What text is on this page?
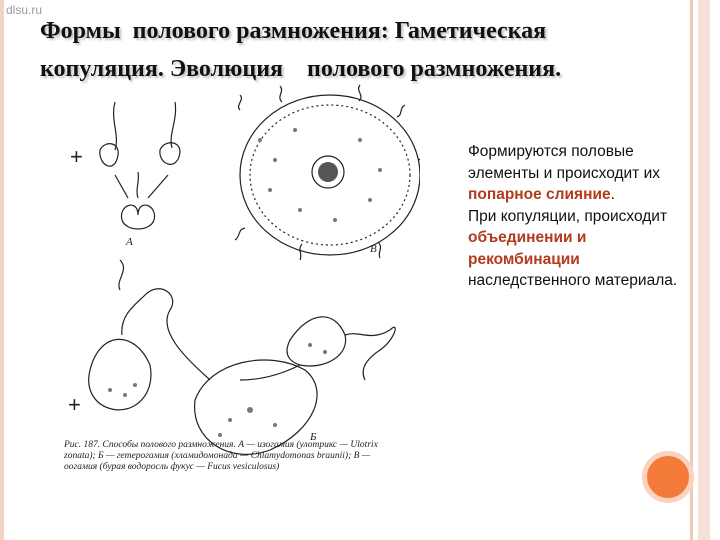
dlsu.ru
Формы  полового размножения: Гаметическая
копуляция. Эволюция    полового размножения.
+
+
А
В
Б
Рис. 187. Способы полового размножения. А — изогамия (улотрикс — Ulotrix zonata); Б — гетерогамия (хламидомонада — Chlamydomonas braunii); В — оогамия (бурая водоросль фукус — Fucus vesiculosus)
Формируются половые элементы и происходит их попарное слияние.
При копуляции, происходит объединении и рекомбинации наследственного материала.
